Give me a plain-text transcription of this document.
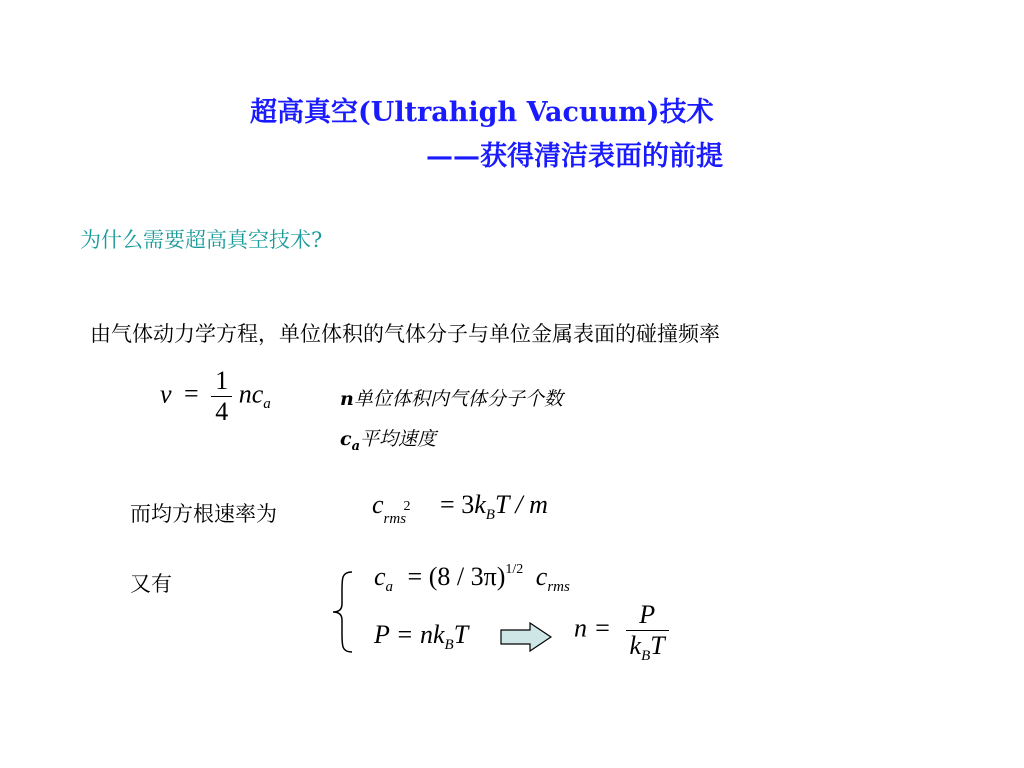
超高真空(Ultrahigh Vacuum)技术
——获得清洁表面的前提
为什么需要超高真空技术?
由气体动力学方程，单位体积的气体分子与单位金属表面的碰撞频率
$\nu = \frac{1}{4} nc_a$	n单位体积内气体分子个数
$c_a$平均速度
而均方根速率为	c 2
rms = $3k_BT$ / m
又有	$c_a = (8 / 3\pi)^{1/2}$ $c_{rms}$
$P = nk_BT$	$n = \frac{P}{k_BT}$
